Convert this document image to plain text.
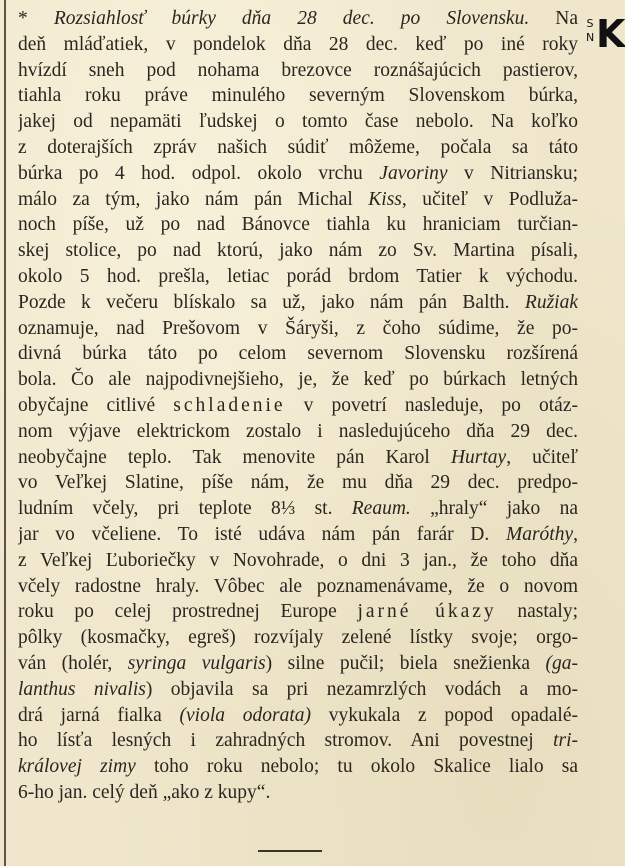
* Rozsiahlosť búrky dňa 28 dec. po Slovensku. Na
deň mláďatiek, v pondelok dňa 28 dec. keď po iné roky
hvízdí sneh pod nohama brezovce roznášajúcich pastierov,
tiahla roku práve minulého severným Slovenskom búrka,
jakej od nepamäti ľudskej o tomto čase nebolo. Na koľko
z doterajších zpráv našich súdiť môžeme, počala sa táto
búrka po 4 hod. odpol. okolo vrchu Javoriny v Nitriansku;
málo za tým, jako nám pán Michal Kiss, učiteľ v Podluža-
noch píše, už po nad Bánovce tiahla ku hraniciam turčian-
skej stolice, po nad ktorú, jako nám zo Sv. Martina písali,
okolo 5 hod. prešla, letiac porád brdom Tatier k východu.
Pozde k večeru blískalo sa už, jako nám pán Balth. Ružiak
oznamuje, nad Prešovom v Šáryši, z čoho súdime, že po-
divná búrka táto po celom severnom Slovensku rozšírená
bola. Čo ale najpodivnejšieho, je, že keď po búrkach letných
obyčajne citlivé schladenie v povetrí nasleduje, po otáz-
nom výjave elektrickom zostalo i nasledujúceho dňa 29 dec.
neobyčajne teplo. Tak menovite pán Karol Hurtay, učiteľ
vo Veľkej Slatine, píše nám, že mu dňa 29 dec. predpo-
ludním včely, pri teplote 8⅓ st. Reaum. „hraly“ jako na
jar vo včeliene. To isté udáva nám pán farár D. Maróthy,
z Veľkej Ľuboriečky v Novohrade, o dni 3 jan., že toho dňa
včely radostne hraly. Vôbec ale poznamenávame, že o novom
roku po celej prostrednej Europe jarné úkazy nastaly;
pôlky (kosmačky, egreš) rozvíjaly zelené lístky svoje; orgo-
ván (holér, syringa vulgaris) silne pučil; biela snežienka (ga-
lanthus nivalis) objavila sa pri nezamrzlých vodách a mo-
drá jarná fialka (viola odorata) vykukala z popod opadalé-
ho lísťa lesných i zahradných stromov. Ani povestnej tri-
královej zimy toho roku nebolo; tu okolo Skalice lialo sa
6-ho jan. celý deň „ako z kupy“.
S
N K
